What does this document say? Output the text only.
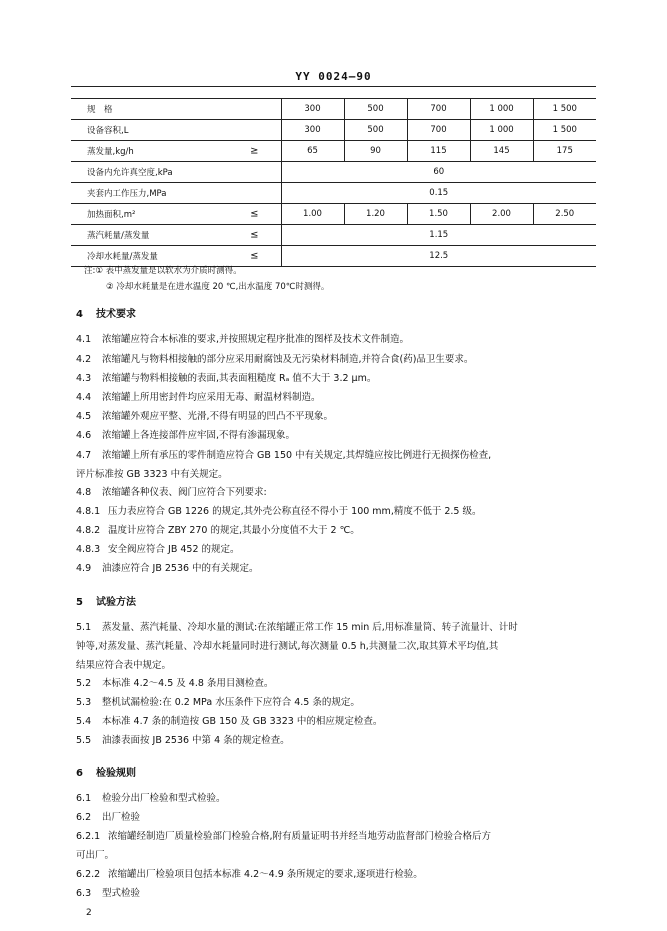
YY 0024—90
规　格	300	500	700	1 000	1 500
设备容积,L	300	500	700	1 000	1 500
蒸发量,kg/h ≥	65	90	115	145	175
设备内允许真空度,kPa	60				
夹套内工作压力,MPa	0.15				
加热面积,m² ≤	1.00	1.20	1.50	2.00	2.50
蒸汽耗量/蒸发量 ≤	1.15				
冷却水耗量/蒸发量 ≤	12.5				
注:① 表中蒸发量是以软水为介质时测得。
② 冷却水耗量是在进水温度 20 ℃,出水温度 70℃时测得。
4 技术要求
4.1 浓缩罐应符合本标准的要求,并按照规定程序批准的图样及技术文件制造。
4.2 浓缩罐凡与物料相接触的部分应采用耐腐蚀及无污染材料制造,并符合食(药)品卫生要求。
4.3 浓缩罐与物料相接触的表面,其表面粗糙度 Rₐ 值不大于 3.2 μm。
4.4 浓缩罐上所用密封件均应采用无毒、耐温材料制造。
4.5 浓缩罐外观应平整、光滑,不得有明显的凹凸不平现象。
4.6 浓缩罐上各连接部件应牢固,不得有渗漏现象。
4.7 浓缩罐上所有承压的零件制造应符合 GB 150 中有关规定,其焊缝应按比例进行无损探伤检查,
评片标准按 GB 3323 中有关规定。
4.8 浓缩罐各种仪表、阀门应符合下列要求:
4.8.1 压力表应符合 GB 1226 的规定,其外壳公称直径不得小于 100 mm,精度不低于 2.5 级。
4.8.2 温度计应符合 ZBY 270 的规定,其最小分度值不大于 2 ℃。
4.8.3 安全阀应符合 JB 452 的规定。
4.9 油漆应符合 JB 2536 中的有关规定。
5 试验方法
5.1 蒸发量、蒸汽耗量、冷却水量的测试:在浓缩罐正常工作 15 min 后,用标准量筒、转子流量计、计时
钟等,对蒸发量、蒸汽耗量、冷却水耗量同时进行测试,每次测量 0.5 h,共测量二次,取其算术平均值,其
结果应符合表中规定。
5.2 本标准 4.2～4.5 及 4.8 条用目测检查。
5.3 整机试漏检验:在 0.2 MPa 水压条件下应符合 4.5 条的规定。
5.4 本标准 4.7 条的制造按 GB 150 及 GB 3323 中的相应规定检查。
5.5 油漆表面按 JB 2536 中第 4 条的规定检查。
6 检验规则
6.1 检验分出厂检验和型式检验。
6.2 出厂检验
6.2.1 浓缩罐经制造厂质量检验部门检验合格,附有质量证明书并经当地劳动监督部门检验合格后方
可出厂。
6.2.2 浓缩罐出厂检验项目包括本标准 4.2～4.9 条所规定的要求,逐项进行检验。
6.3 型式检验
2
